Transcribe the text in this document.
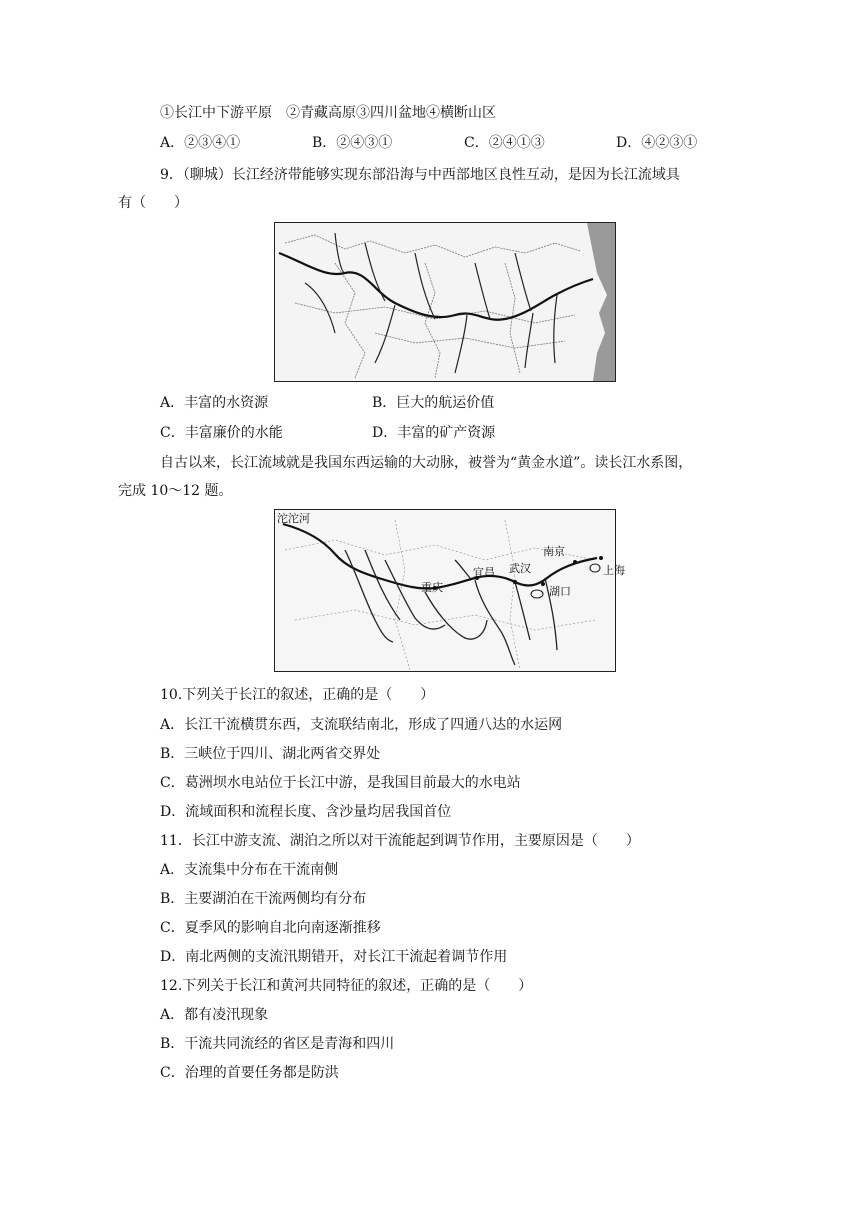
①长江中下游平原　②青藏高原③四川盆地④横断山区
A．②③④①	B．②④③①	C．②④①③	D．④②③①
9．（聊城）长江经济带能够实现东部沿海与中西部地区良性互动，是因为长江流域具
有（　　）
A．丰富的水资源	B．巨大的航运价值
C．丰富廉价的水能	D．丰富的矿产资源
自古以来，长江流域就是我国东西运输的大动脉，被誉为“黄金水道”。读长江水系图，
完成 10～12 题。
沱沱河
南京
重庆
宜昌 武汉
湖口
上海
10.下列关于长江的叙述，正确的是（　　）
A．长江干流横贯东西，支流联结南北，形成了四通八达的水运网
B．三峡位于四川、湖北两省交界处
C．葛洲坝水电站位于长江中游，是我国目前最大的水电站
D．流域面积和流程长度、含沙量均居我国首位
11．长江中游支流、湖泊之所以对干流能起到调节作用，主要原因是（　　）
A．支流集中分布在干流南侧
B．主要湖泊在干流两侧均有分布
C．夏季风的影响自北向南逐渐推移
D．南北两侧的支流汛期错开，对长江干流起着调节作用
12.下列关于长江和黄河共同特征的叙述，正确的是（　　）
A．都有凌汛现象
B．干流共同流经的省区是青海和四川
C．治理的首要任务都是防洪
